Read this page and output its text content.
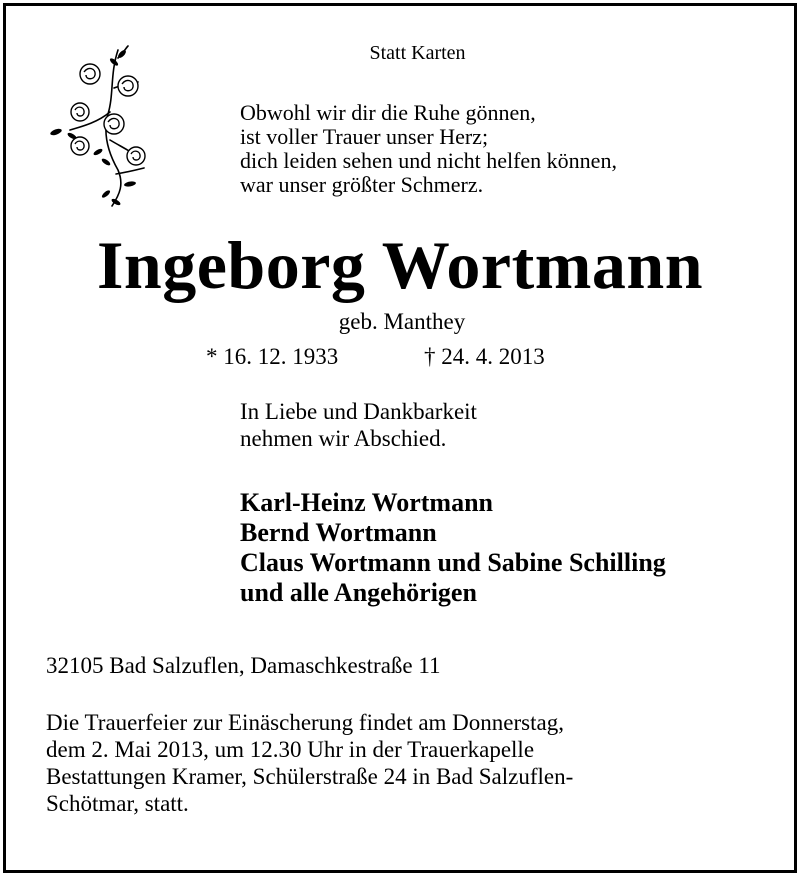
Statt Karten
Obwohl wir dir die Ruhe gönnen,
ist voller Trauer unser Herz;
dich leiden sehen und nicht helfen können,
war unser größter Schmerz.
Ingeborg Wortmann
geb. Manthey
* 16. 12. 1933	† 24. 4. 2013
In Liebe und Dankbarkeit
nehmen wir Abschied.
Karl-Heinz Wortmann
Bernd Wortmann
Claus Wortmann und Sabine Schilling
und alle Angehörigen
32105 Bad Salzuflen, Damaschkestraße 11
Die Trauerfeier zur Einäscherung findet am Donnerstag,
dem 2. Mai 2013, um 12.30 Uhr in der Trauerkapelle
Bestattungen Kramer, Schülerstraße 24 in Bad Salzuflen-
Schötmar, statt.
